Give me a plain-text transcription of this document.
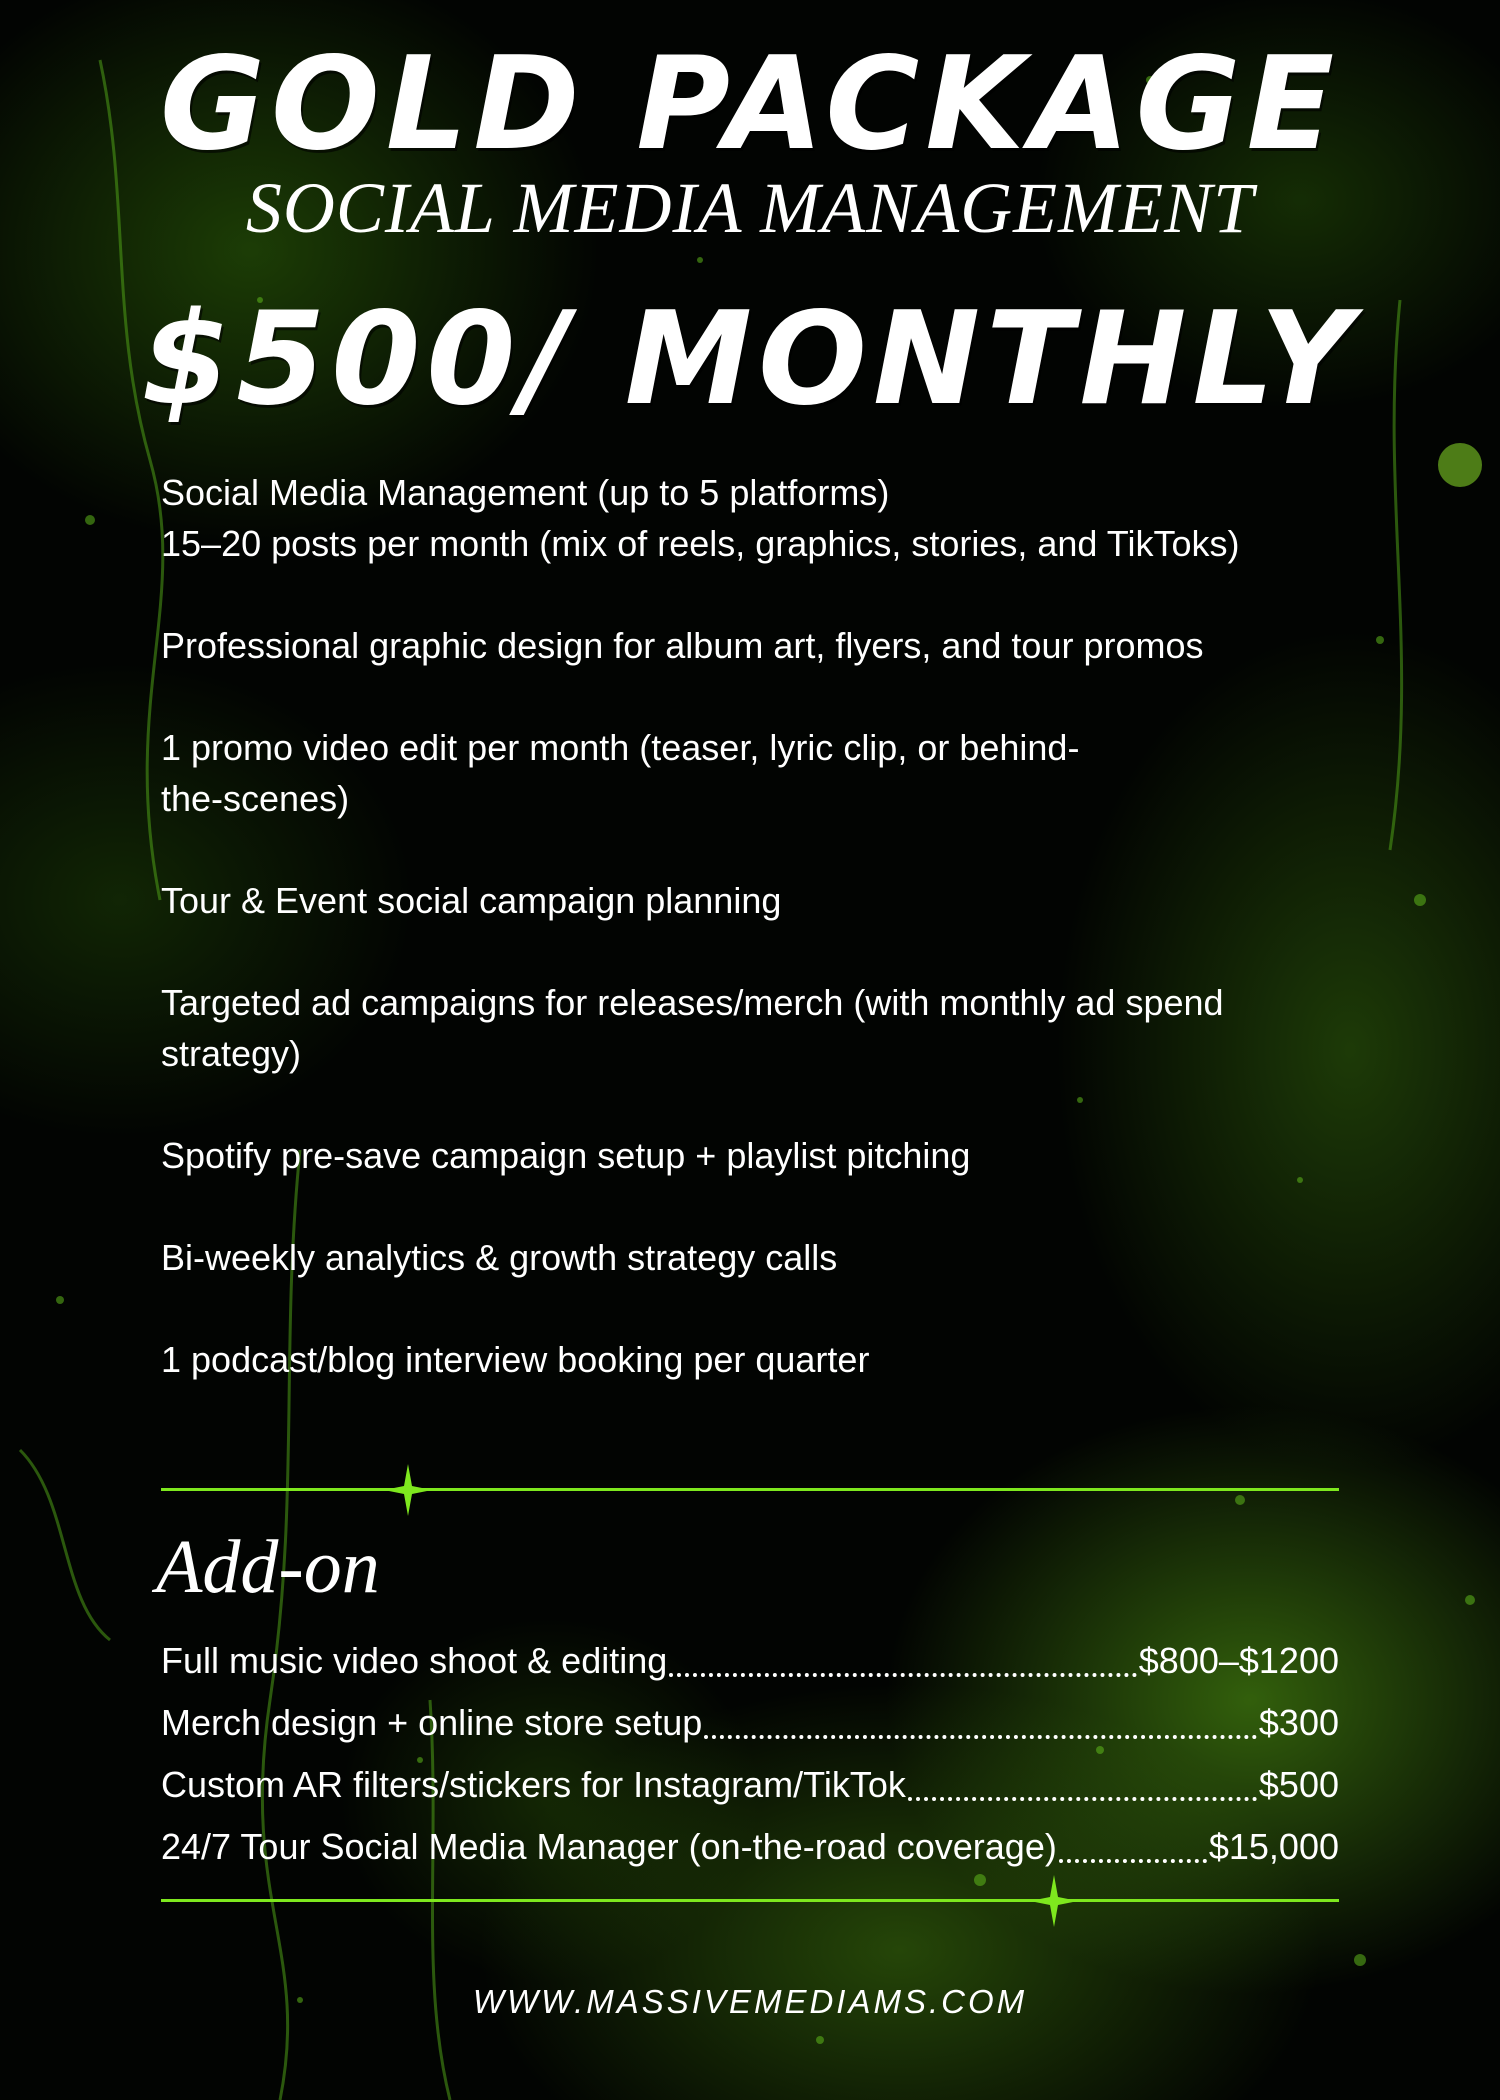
GOLD PACKAGE
SOCIAL MEDIA MANAGEMENT
$500/ MONTHLY
Social Media Management (up to 5 platforms)
15–20 posts per month (mix of reels, graphics, stories, and TikToks)
Professional graphic design for album art, flyers, and tour promos
1 promo video edit per month (teaser, lyric clip, or behind-the-scenes)
Tour & Event social campaign planning
Targeted ad campaigns for releases/merch (with monthly ad spend strategy)
Spotify pre-save campaign setup + playlist pitching
Bi-weekly analytics & growth strategy calls
1 podcast/blog interview booking per quarter
Add-on
Full music video shoot & editing	$800–$1200
Merch design + online store setup	$300
Custom AR filters/stickers for Instagram/TikTok	$500
24/7 Tour Social Media Manager (on-the-road coverage)	$15,000
WWW.MASSIVEMEDIAMS.COM
